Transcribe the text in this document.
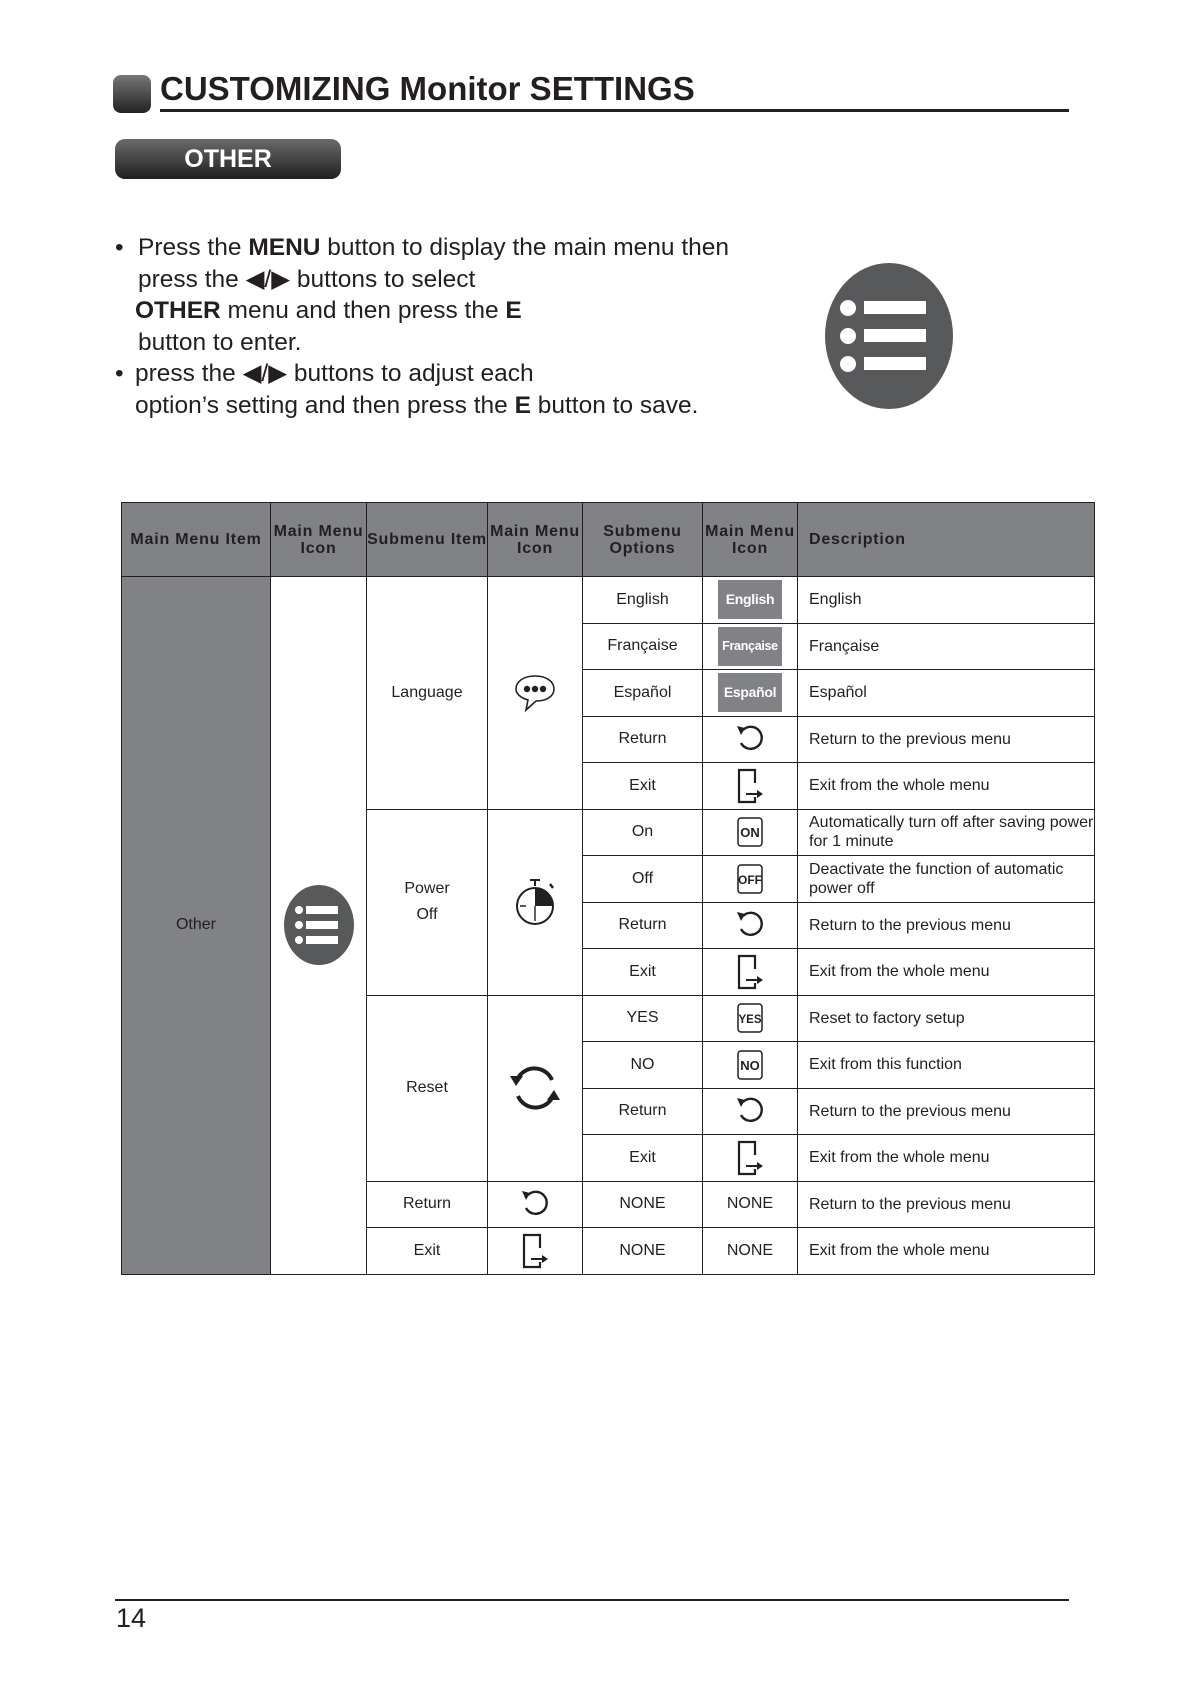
CUSTOMIZING Monitor SETTINGS
OTHER

• Press the MENU button to display the main menu then

press the ◀/▶ buttons to select

OTHER menu and then press the E

button to enter.

• press the ◀/▶ buttons to adjust each

option’s setting and then press the E button to save.

Main Menu Item	Main Menu Icon	Submenu Item	Main Menu Icon	Submenu Options	Main Menu Icon	Description
Other		Language		English	English	English
				Française	Française	Française
				Español	Español	Español
				Return		Return to the previous menu
				Exit		Exit from the whole menu
		Power Off		On	ON	Automatically turn off after saving power for 1 minute
				Off	OFF	Deactivate the function of automatic power off
				Return		Return to the previous menu
				Exit		Exit from the whole menu
		Reset		YES	YES	Reset to factory setup
				NO	NO	Exit from this function
				Return		Return to the previous menu
				Exit		Exit from the whole menu
		Return		NONE	NONE	Return to the previous menu
		Exit		NONE	NONE	Exit from the whole menu
14
